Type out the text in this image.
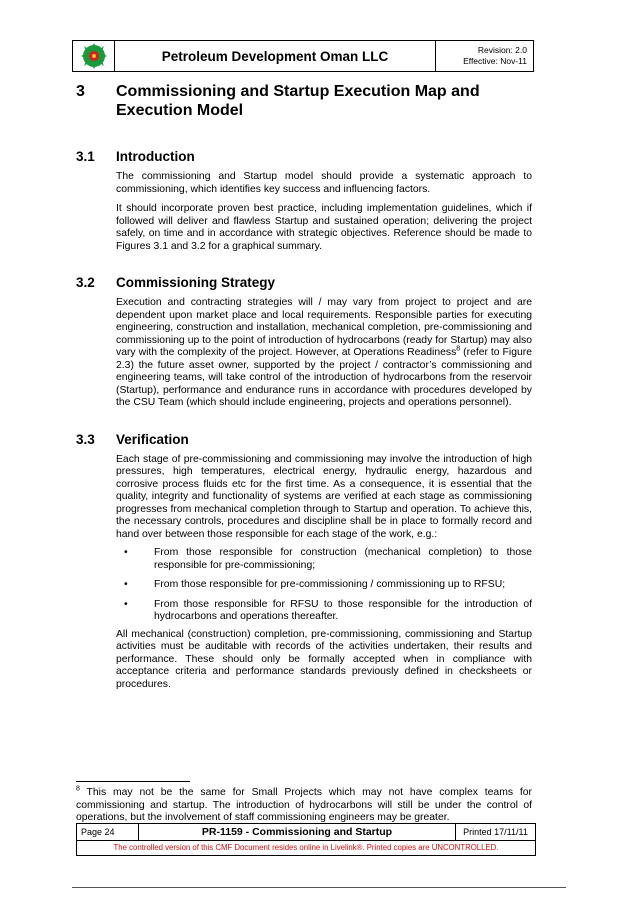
Petroleum Development Oman LLC	Revision: 2.0
Effective: Nov-11
3	Commissioning and Startup Execution Map and Execution Model
3.1	Introduction

The commissioning and Startup model should provide a systematic approach to commissioning, which identifies key success and influencing factors.

It should incorporate proven best practice, including implementation guidelines, which if followed will deliver and flawless Startup and sustained operation; delivering the project safely, on time and in accordance with strategic objectives. Reference should be made to Figures 3.1 and 3.2 for a graphical summary.

3.2	Commissioning Strategy

Execution and contracting strategies will / may vary from project to project and are dependent upon market place and local requirements. Responsible parties for executing engineering, construction and installation, mechanical completion, pre-commissioning and commissioning up to the point of introduction of hydrocarbons (ready for Startup) may also vary with the complexity of the project. However, at Operations Readiness$^8$ (refer to Figure 2.3) the future asset owner, supported by the project / contractor’s commissioning and engineering teams, will take control of the introduction of hydrocarbons from the reservoir (Startup), performance and endurance runs in accordance with procedures developed by the CSU Team (which should include engineering, projects and operations personnel).

3.3	Verification

Each stage of pre-commissioning and commissioning may involve the introduction of high pressures, high temperatures, electrical energy, hydraulic energy, hazardous and corrosive process fluids etc for the first time. As a consequence, it is essential that the quality, integrity and functionality of systems are verified at each stage as commissioning progresses from mechanical completion through to Startup and operation. To achieve this, the necessary controls, procedures and discipline shall be in place to formally record and hand over between those responsible for each stage of the work, e.g.:

•	From those responsible for construction (mechanical completion) to those responsible for pre-commissioning;
•	From those responsible for pre-commissioning / commissioning up to RFSU;
•	From those responsible for RFSU to those responsible for the introduction of hydrocarbons and operations thereafter.

All mechanical (construction) completion, pre-commissioning, commissioning and Startup activities must be auditable with records of the activities undertaken, their results and performance. These should only be formally accepted when in compliance with acceptance criteria and performance standards previously defined in checksheets or procedures.

$^8$ This may not be the same for Small Projects which may not have complex teams for commissioning and startup. The introduction of hydrocarbons will still be under the control of operations, but the involvement of staff commissioning engineers may be greater.
Page 24	PR-1159 - Commissioning and Startup	Printed 17/11/11
The controlled version of this CMF Document resides online in Livelink®. Printed copies are UNCONTROLLED.
